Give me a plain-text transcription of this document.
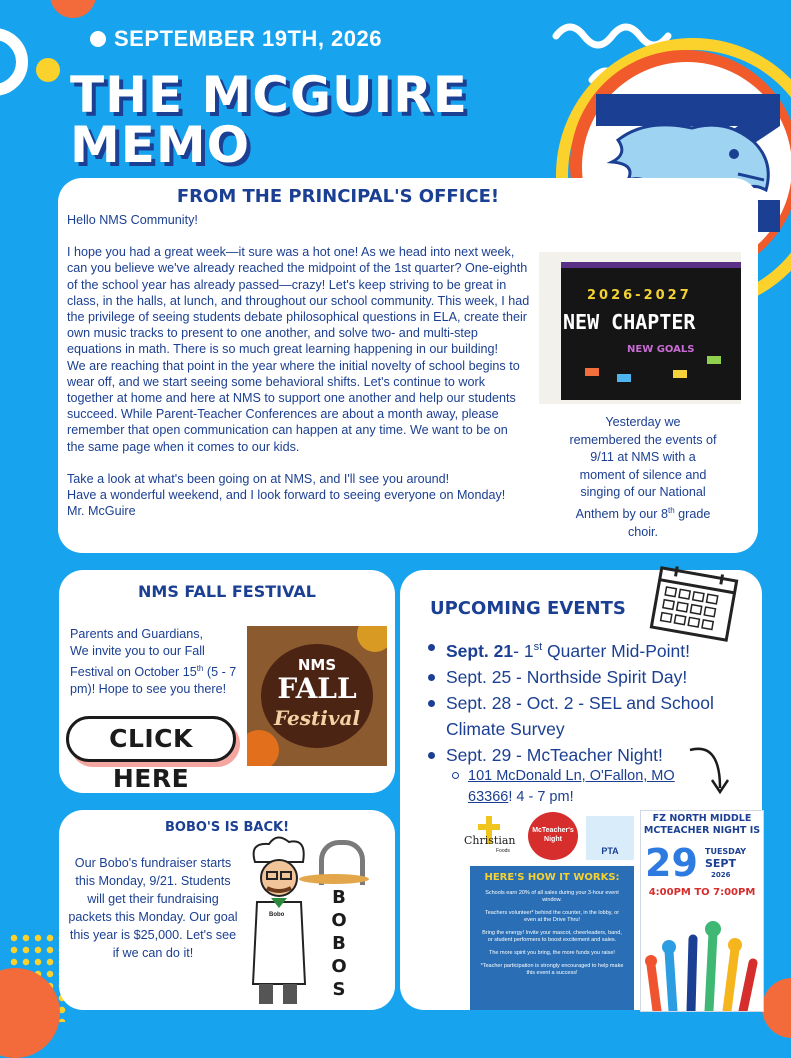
SEPTEMBER 19TH, 2026
THE MCGUIRE
MEMO
FROM THE PRINCIPAL'S OFFICE!

Hello NMS Community!

I hope you had a great week—it sure was a hot one! As we head into next week,
can you believe we've already reached the midpoint of the 1st quarter? One-eighth
of the school year has already passed—crazy! Let's keep striving to be great in
class, in the halls, at lunch, and throughout our school community. This week, I had
the privilege of seeing students debate philosophical questions in ELA, create their
own music tracks to present to one another, and solve two- and multi-step
equations in math. There is so much great learning happening in our building!
We are reaching that point in the year where the initial novelty of school begins to
wear off, and we start seeing some behavioral shifts. Let's continue to work
together at home and here at NMS to support one another and help our students
succeed. While Parent-Teacher Conferences are about a month away, please
remember that open communication can happen at any time. We want to be on
the same page when it comes to our kids.

Take a look at what's been going on at NMS, and I'll see you around!
Have a wonderful weekend, and I look forward to seeing everyone on Monday!
Mr. McGuire

2026-2027
NEW CHAPTER
NEW GOALS
Yesterday we remembered the events of 9/11 at NMS with a moment of silence and singing of our National Anthem by our 8th grade choir.
NMS FALL FESTIVAL
Parents and Guardians,
We invite you to our Fall Festival on October 15th (5 - 7 pm)! Hope to see you there!
NMS
FALL
Festival
CLICK HERE
BOBO'S IS BACK!
Our Bobo's fundraiser starts this Monday, 9/21. Students will get their fundraising packets this Monday. Our goal this year is $25,000. Let's see if we can do it!
Bobo
BOBOS
UPCOMING EVENTS
Sept. 21- 1st Quarter Mid-Point!
Sept. 25 - Northside Spirit Day!
Sept. 28 - Oct. 2 - SEL and School Climate Survey
Sept. 29 - McTeacher Night!
101 McDonald Ln, O'Fallon, MO 63366! 4 - 7 pm!
Christian
Foods
McTeacher's Night
PTA
HERE'S HOW IT WORKS:
Schools earn 20% of all sales during your 3-hour event window.
Teachers volunteer* behind the counter, in the lobby, or even at the Drive Thru!
Bring the energy! Invite your mascot, cheerleaders, band, or student performers to boost excitement and sales.
The more spirit you bring, the more funds you raise!
*Teacher participation is strongly encouraged to help make this event a success!
FZ NORTH MIDDLE MCTEACHER NIGHT IS
29 TUESDAY
SEPT
2026
4:00PM TO 7:00PM
